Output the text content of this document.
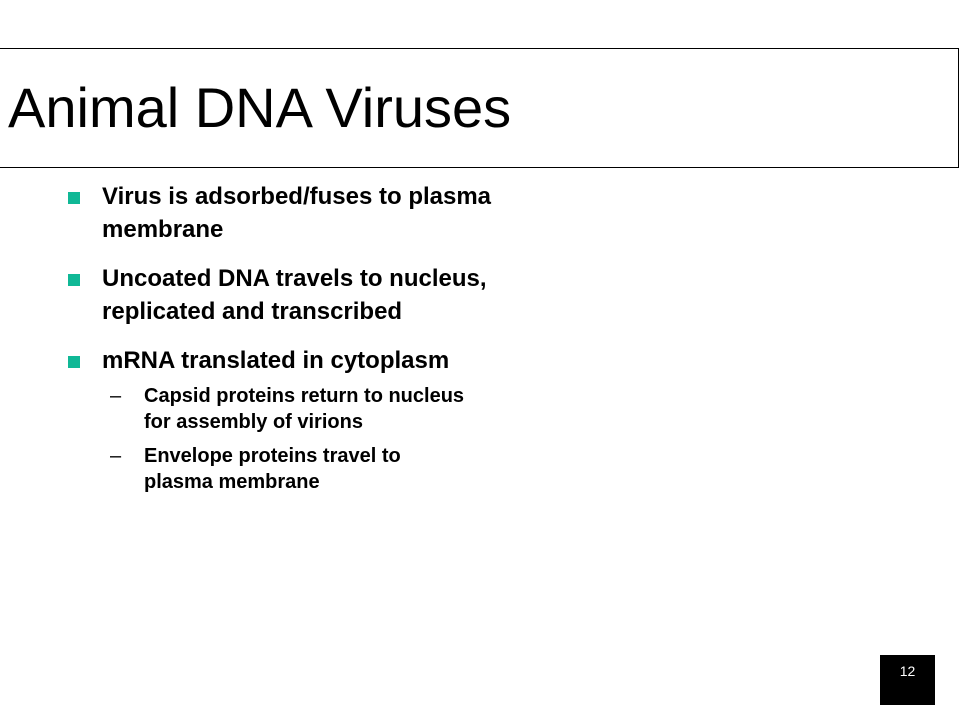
Animal DNA Viruses
Virus is adsorbed/fuses to plasma membrane
Uncoated DNA travels to nucleus, replicated and transcribed
mRNA translated in cytoplasm
– Capsid proteins return to nucleus for assembly of virions
– Envelope proteins travel to plasma membrane
12
